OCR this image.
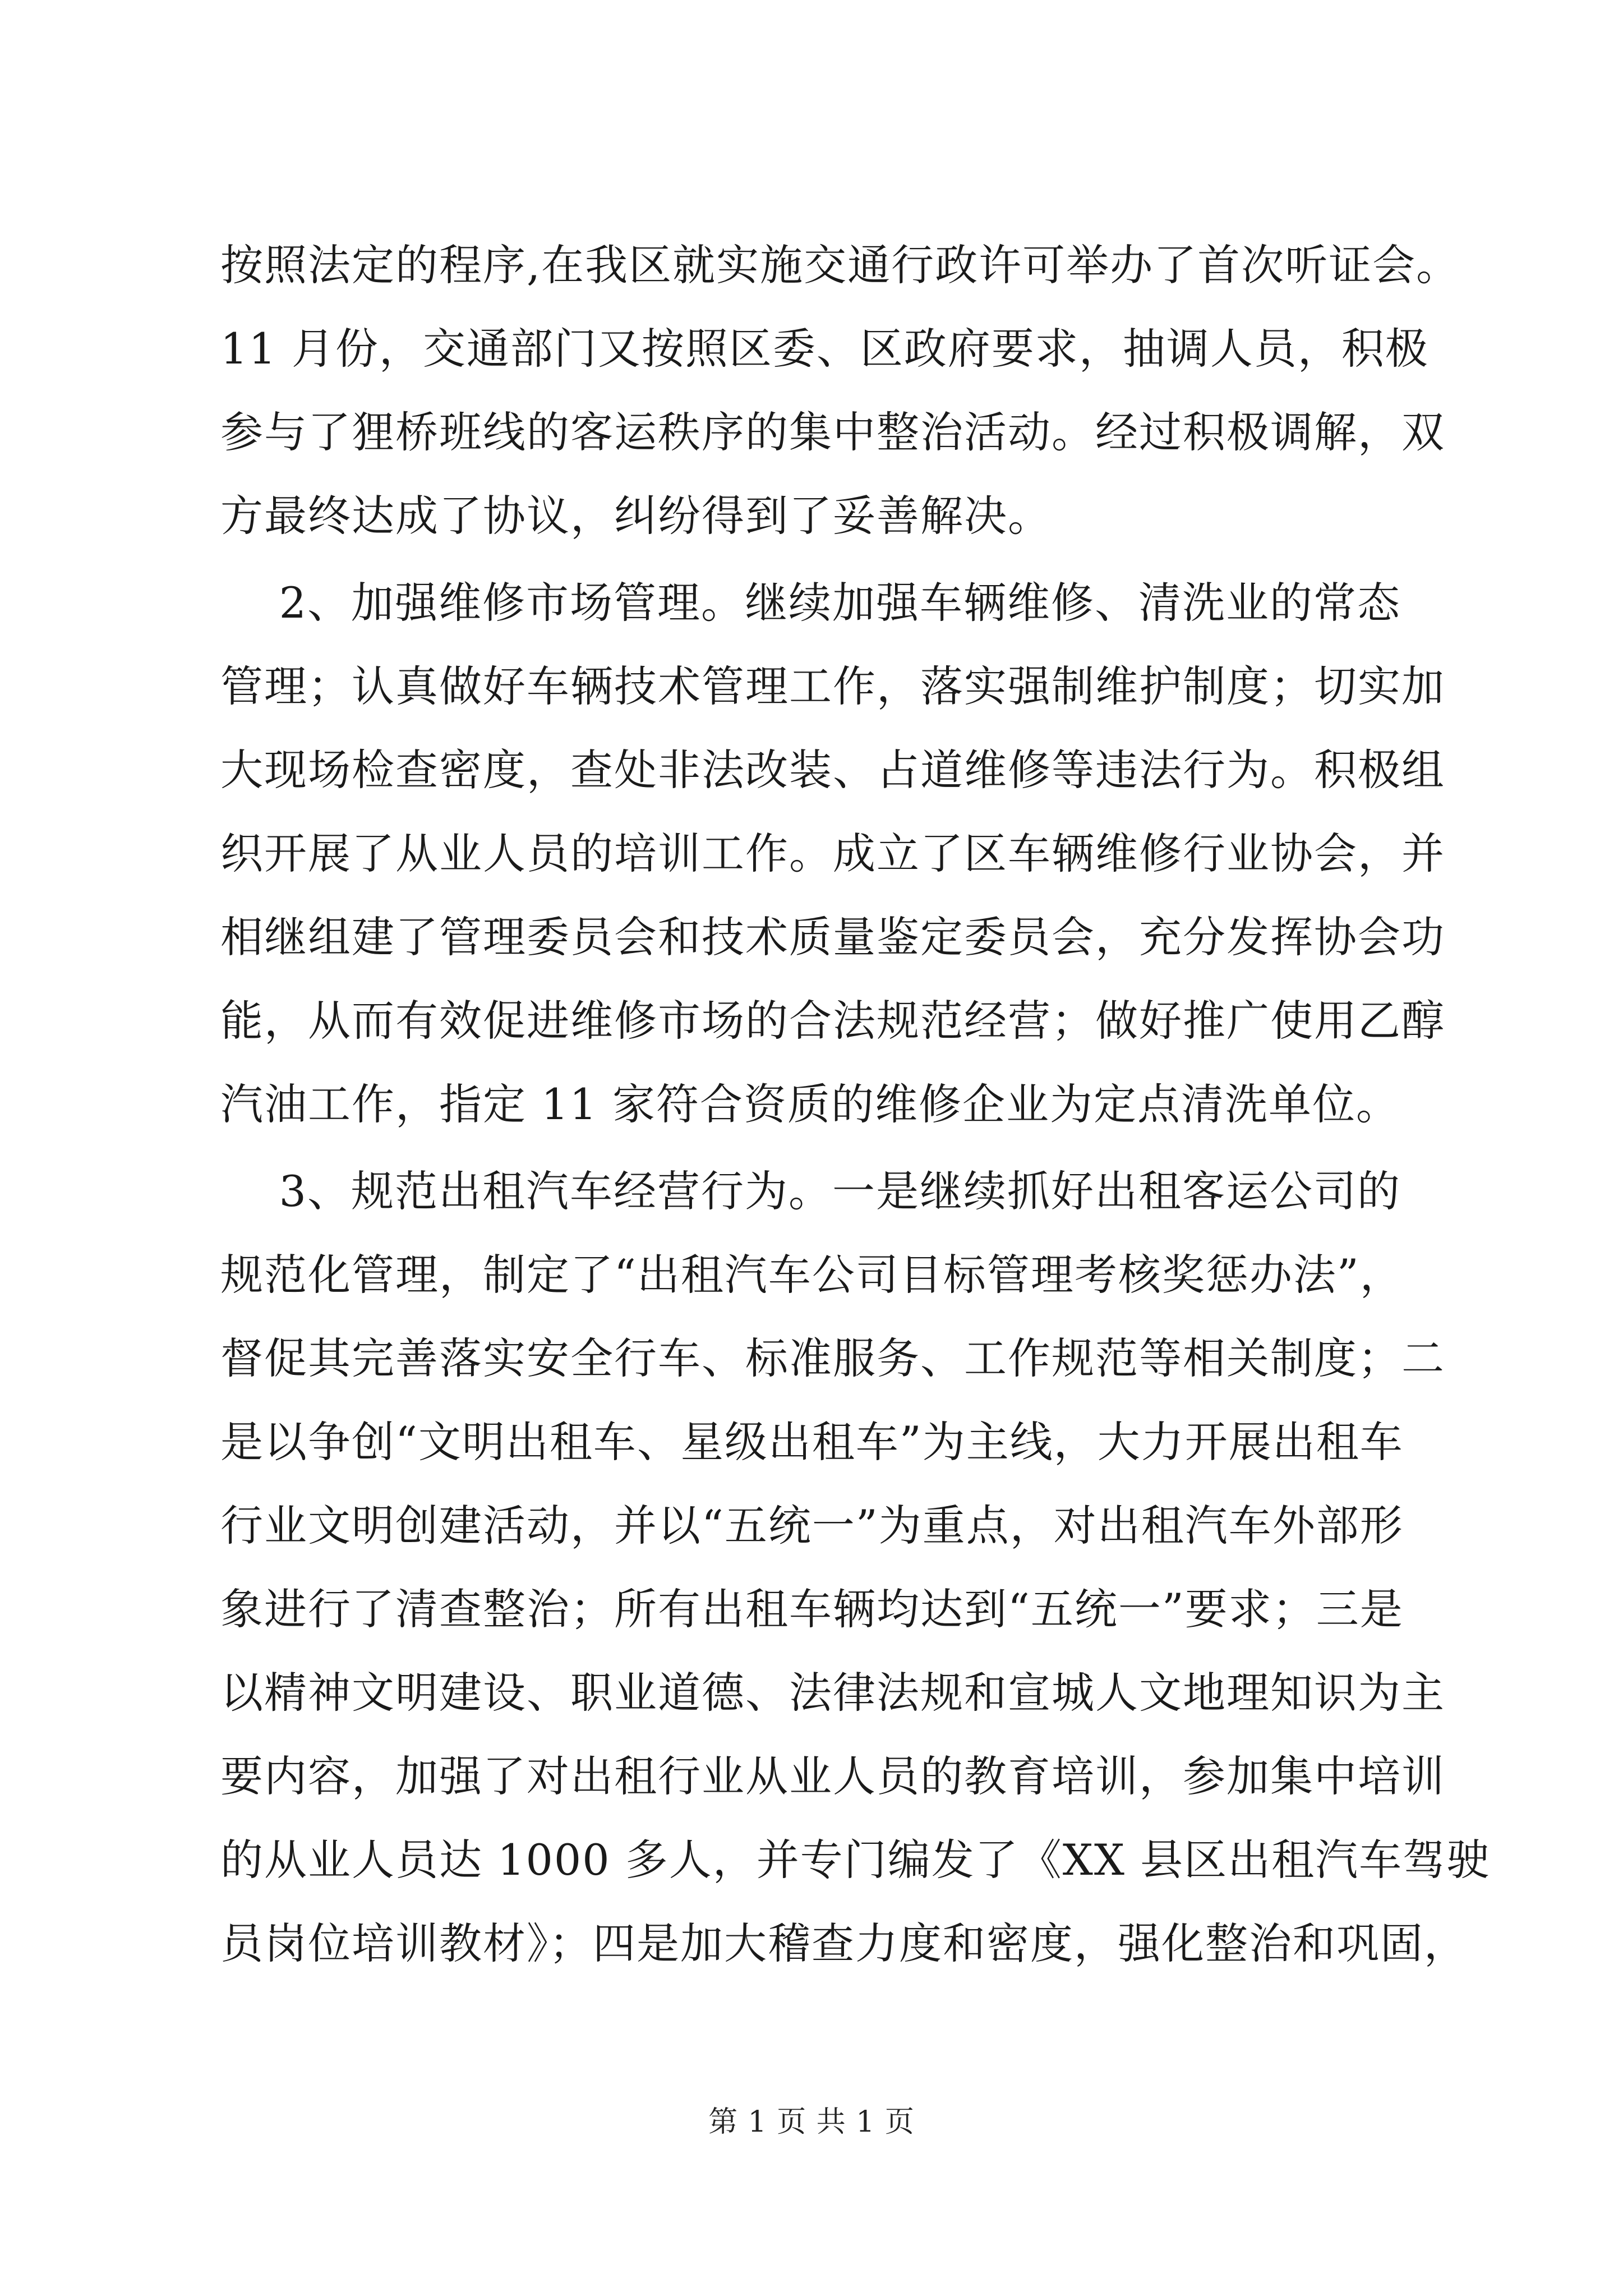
按照法定的程序,在我区就实施交通行政许可举办了首次听证会。
11 月份，交通部门又按照区委、区政府要求，抽调人员，积极
参与了狸桥班线的客运秩序的集中整治活动。经过积极调解，双
方最终达成了协议，纠纷得到了妥善解决。
2、加强维修市场管理。继续加强车辆维修、清洗业的常态
管理；认真做好车辆技术管理工作，落实强制维护制度；切实加
大现场检查密度，查处非法改装、占道维修等违法行为。积极组
织开展了从业人员的培训工作。成立了区车辆维修行业协会，并
相继组建了管理委员会和技术质量鉴定委员会，充分发挥协会功
能，从而有效促进维修市场的合法规范经营；做好推广使用乙醇
汽油工作，指定 11 家符合资质的维修企业为定点清洗单位。
3、规范出租汽车经营行为。一是继续抓好出租客运公司的
规范化管理，制定了“出租汽车公司目标管理考核奖惩办法”，
督促其完善落实安全行车、标准服务、工作规范等相关制度；二
是以争创“文明出租车、星级出租车”为主线，大力开展出租车
行业文明创建活动，并以“五统一”为重点，对出租汽车外部形
象进行了清查整治；所有出租车辆均达到“五统一”要求；三是
以精神文明建设、职业道德、法律法规和宣城人文地理知识为主
要内容，加强了对出租行业从业人员的教育培训，参加集中培训
的从业人员达 1000 多人，并专门编发了《XX 县区出租汽车驾驶
员岗位培训教材》；四是加大稽查力度和密度，强化整治和巩固，
第 1 页 共 1 页
